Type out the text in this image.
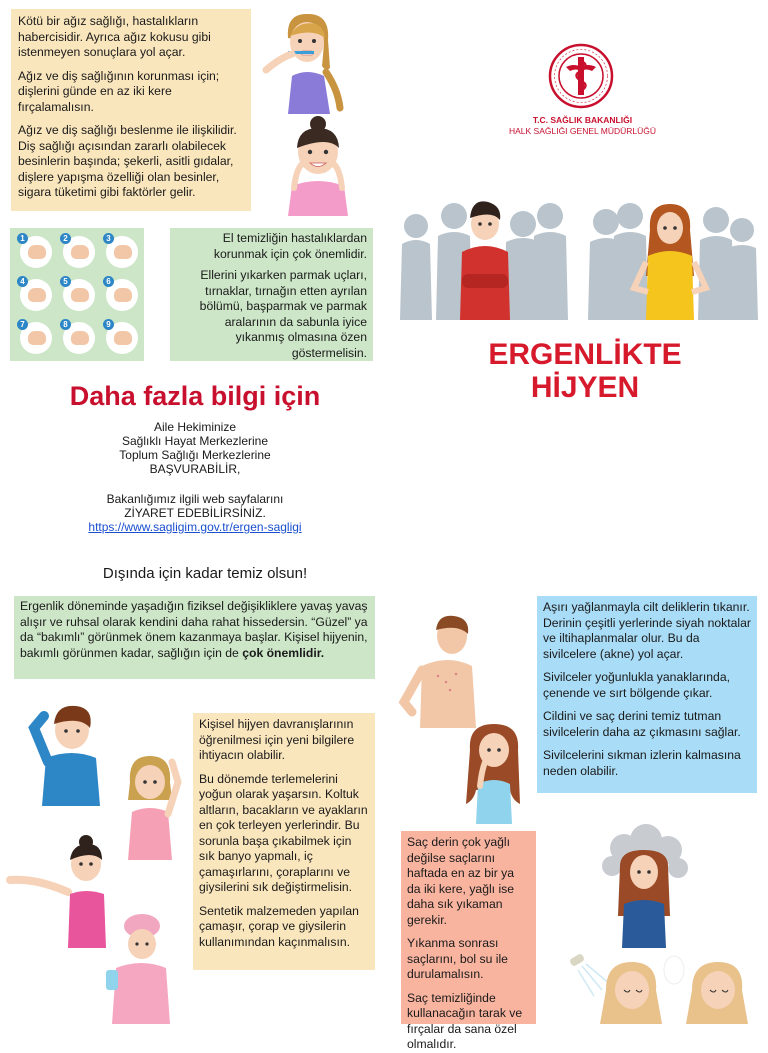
Kötü bir ağız sağlığı, hastalıkların habercisidir. Ayrıca ağız kokusu gibi istenmeyen sonuçlara yol açar.

Ağız ve diş sağlığının korunması için; dişlerini günde en az iki kere fırçalamalısın.

Ağız ve diş sağlığı beslenme ile ilişkilidir. Diş sağlığı açısından zararlı olabilecek besinlerin başında; şekerli, asitli gıdalar, dişlere yapışma özelliği olan besinler, sigara tüketimi gibi faktörler gelir.

T.C. SAĞLIK BAKANLIĞI
HALK SAĞLIĞI GENEL MÜDÜRLÜĞÜ
1	2	3
4	5	6
7	8	9

El temizliğin hastalıklardan korunmak için çok önemlidir.

Ellerini yıkarken parmak uçları, tırnaklar, tırnağın etten ayrılan bölümü, başparmak ve parmak aralarının da sabunla iyice yıkanmış olmasına özen göstermelisin.	ERGENLİKTE
HİJYEN
Daha fazla bilgi için
Aile Hekiminize
Sağlıklı Hayat Merkezlerine
Toplum Sağlığı Merkezlerine
BAŞVURABİLİR,
Bakanlığımız ilgili web sayfalarını
ZİYARET EDEBİLİRSİNİZ.
https://www.sagligim.gov.tr/ergen-sagligi
Dışında için kadar temiz olsun!
Ergenlik döneminde yaşadığın fiziksel değişikliklere yavaş yavaş alışır ve ruhsal olarak kendini daha rahat hissedersin. “Güzel” ya da “bakımlı” görünmek önem kazanmaya başlar. Kişisel hijyenin, bakımlı görünmen kadar, sağlığın için de çok önemlidir.

Kişisel hijyen davranışlarının öğrenilmesi için yeni bilgilere ihtiyacın olabilir.

Bu dönemde terlemelerini yoğun olarak yaşarsın. Koltuk altların, bacakların ve ayakların en çok terleyen yerlerindir. Bu sorunla başa çıkabilmek için sık banyo yapmalı, iç çamaşırlarını, çoraplarını ve giysilerini sık değiştirmelisin.

Sentetik malzemeden yapılan çamaşır, çorap ve giysilerin kullanımından kaçınmalısın.

Aşırı yağlanmayla cilt deliklerin tıkanır. Derinin çeşitli yerlerinde siyah noktalar ve iltihaplanmalar olur. Bu da sivilcelere (akne) yol açar.

Sivilceler yoğunlukla yanaklarında, çenende ve sırt bölgende çıkar.

Cildini ve saç derini temiz tutman sivilcelerin daha az çıkmasını sağlar.

Sivilcelerini sıkman izlerin kalmasına neden olabilir.

Saç derin çok yağlı değilse saçlarını haftada en az bir ya da iki kere, yağlı ise daha sık yıkaman gerekir.

Yıkanma sonrası saçlarını, bol su ile durulamalısın.

Saç temizliğinde kullanacağın tarak ve fırçalar da sana özel olmalıdır.
